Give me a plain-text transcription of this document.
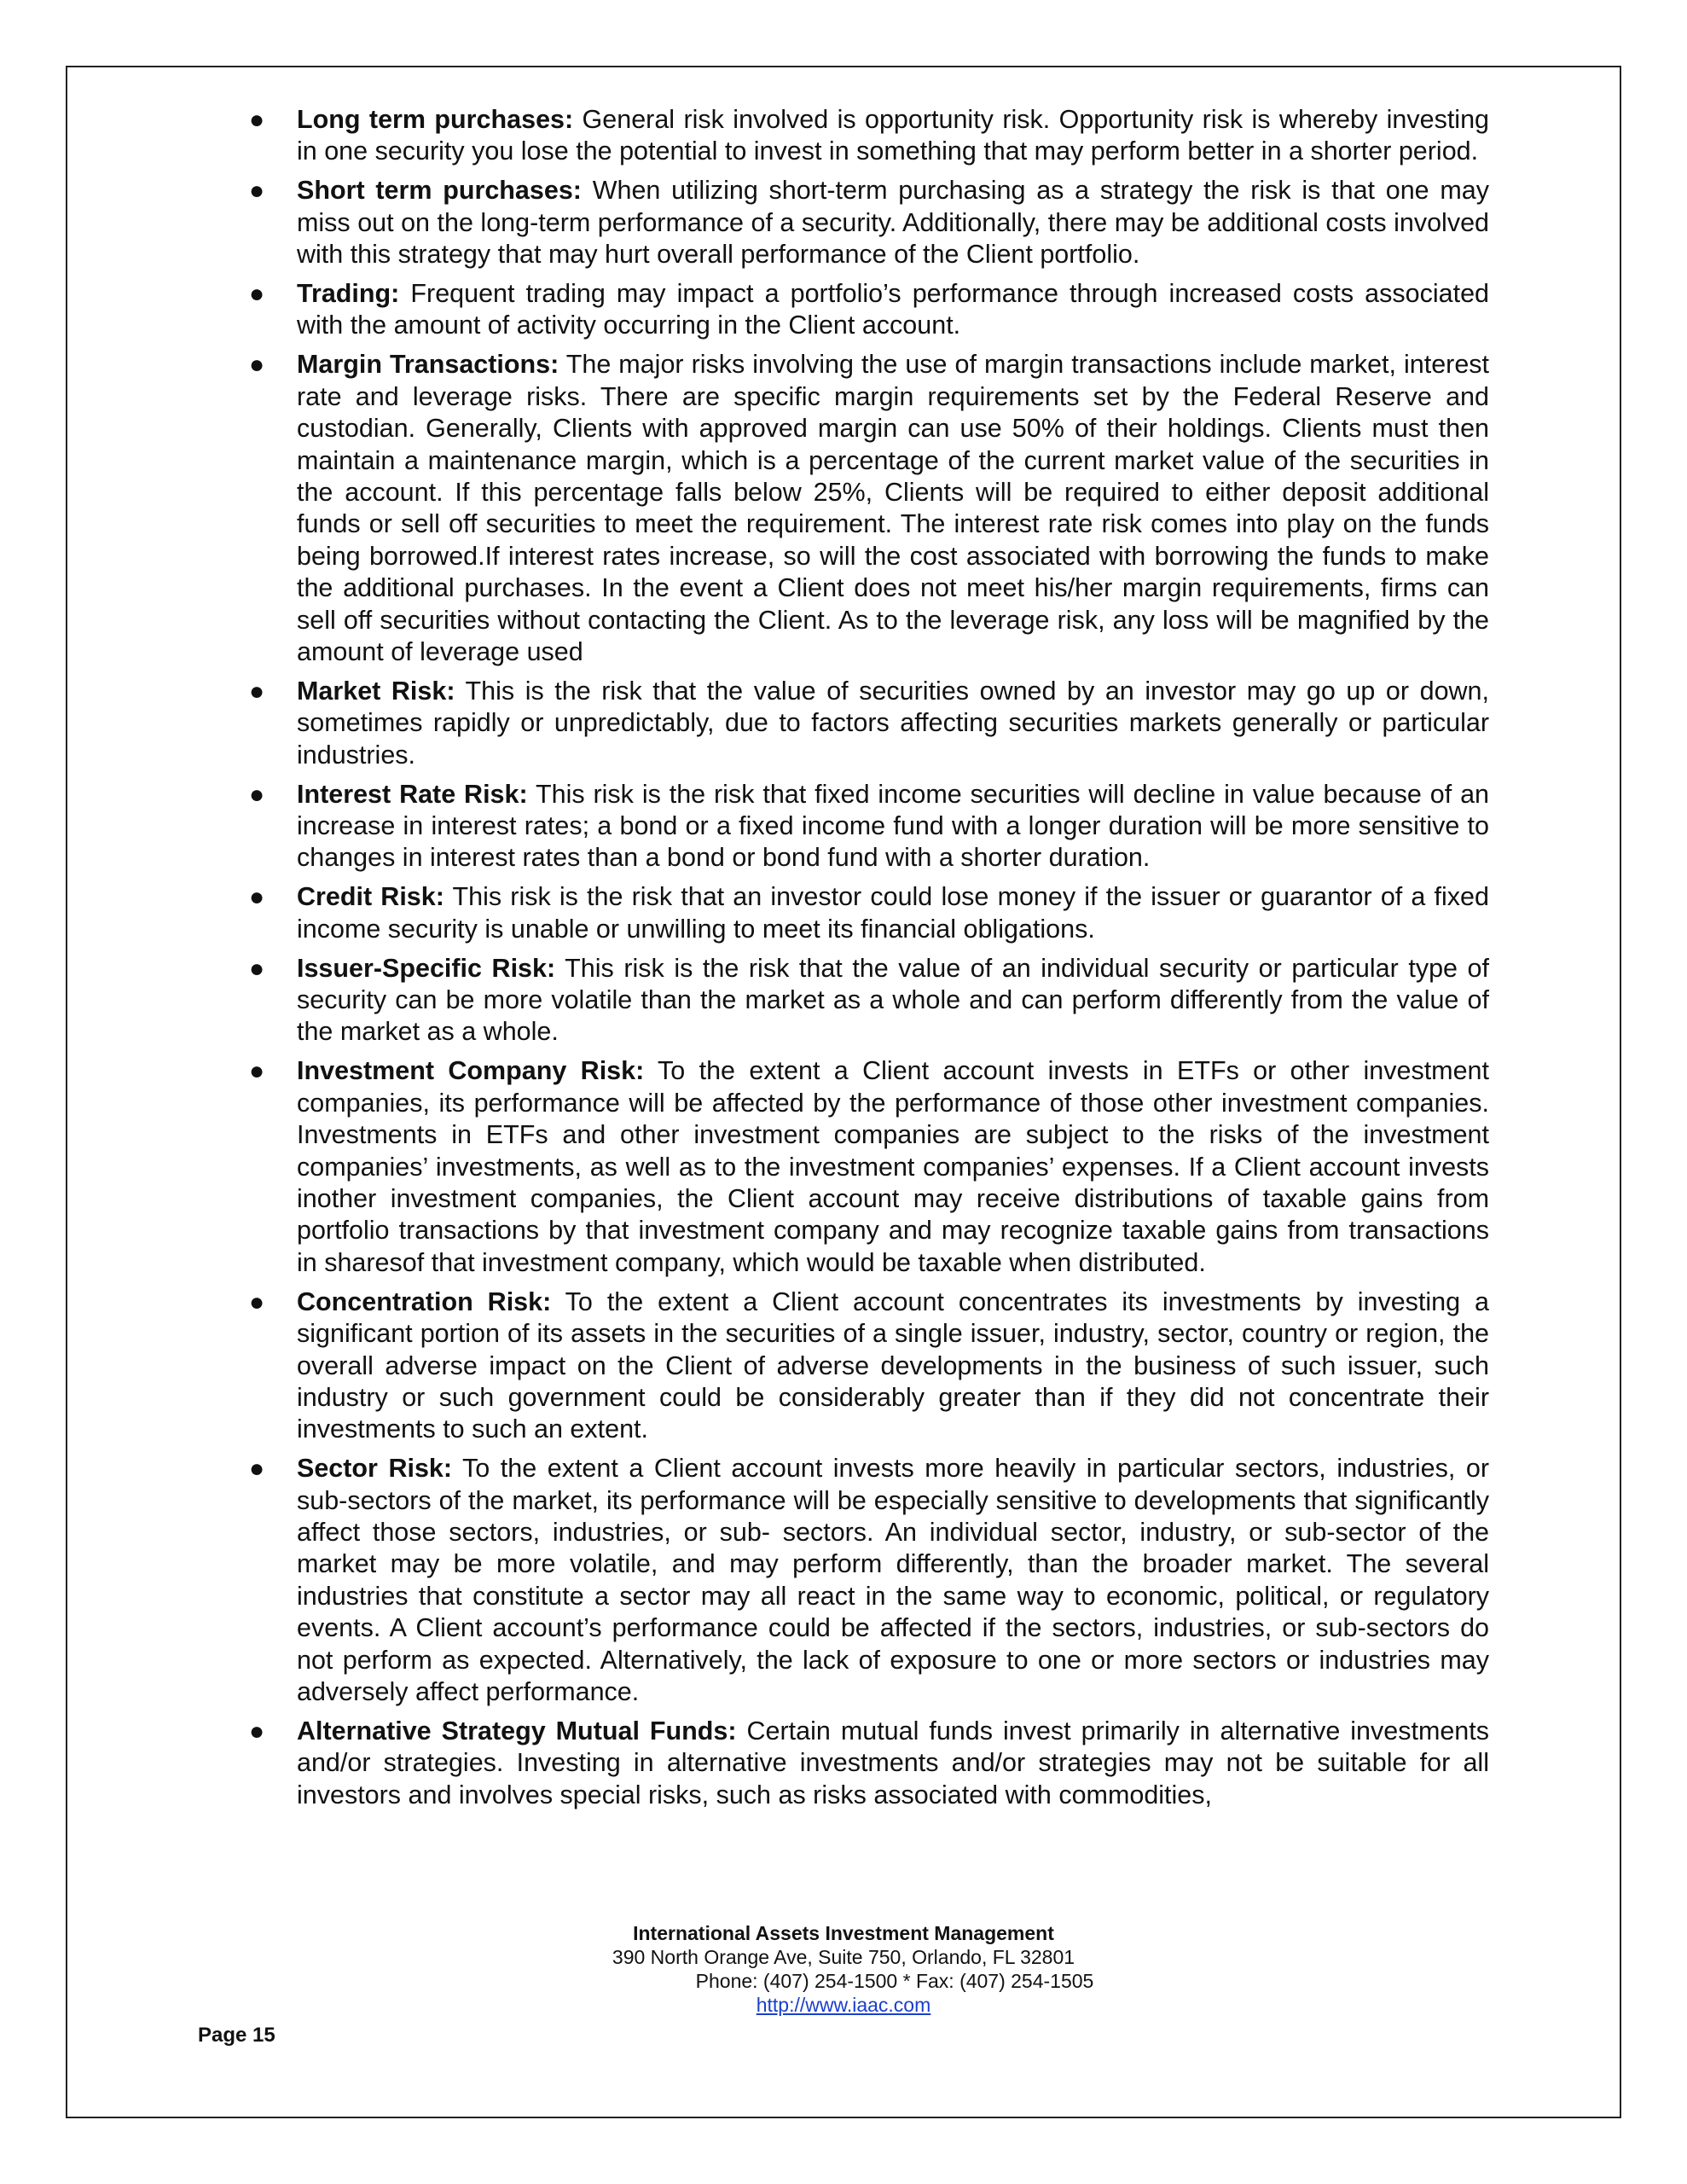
● Long term purchases: General risk involved is opportunity risk. Opportunity risk is whereby investing in one security you lose the potential to invest in something that may perform better in a shorter period.
● Short term purchases: When utilizing short-term purchasing as a strategy the risk is that one may miss out on the long-term performance of a security. Additionally, there may be additional costs involved with this strategy that may hurt overall performance of the Client portfolio.
● Trading: Frequent trading may impact a portfolio’s performance through increased costs associated with the amount of activity occurring in the Client account.
● Margin Transactions: The major risks involving the use of margin transactions include market, interest rate and leverage risks. There are specific margin requirements set by the Federal Reserve and custodian. Generally, Clients with approved margin can use 50% of their holdings. Clients must then maintain a maintenance margin, which is a percentage of the current market value of the securities in the account. If this percentage falls below 25%, Clients will be required to either deposit additional funds or sell off securities to meet the requirement. The interest rate risk comes into play on the funds being borrowed.If interest rates increase, so will the cost associated with borrowing the funds to make the additional purchases. In the event a Client does not meet his/her margin requirements, firms can sell off securities without contacting the Client. As to the leverage risk, any loss will be magnified by the amount of leverage used
● Market Risk: This is the risk that the value of securities owned by an investor may go up or down, sometimes rapidly or unpredictably, due to factors affecting securities markets generally or particular industries.
● Interest Rate Risk: This risk is the risk that fixed income securities will decline in value because of an increase in interest rates; a bond or a fixed income fund with a longer duration will be more sensitive to changes in interest rates than a bond or bond fund with a shorter duration.
● Credit Risk: This risk is the risk that an investor could lose money if the issuer or guarantor of a fixed income security is unable or unwilling to meet its financial obligations.
● Issuer-Specific Risk: This risk is the risk that the value of an individual security or particular type of security can be more volatile than the market as a whole and can perform differently from the value of the market as a whole.
● Investment Company Risk: To the extent a Client account invests in ETFs or other investment companies, its performance will be affected by the performance of those other investment companies. Investments in ETFs and other investment companies are subject to the risks of the investment companies’ investments, as well as to the investment companies’ expenses. If a Client account invests inother investment companies, the Client account may receive distributions of taxable gains from portfolio transactions by that investment company and may recognize taxable gains from transactions in sharesof that investment company, which would be taxable when distributed.
● Concentration Risk: To the extent a Client account concentrates its investments by investing a significant portion of its assets in the securities of a single issuer, industry, sector, country or region, the overall adverse impact on the Client of adverse developments in the business of such issuer, such industry or such government could be considerably greater than if they did not concentrate their investments to such an extent.
● Sector Risk: To the extent a Client account invests more heavily in particular sectors, industries, or sub-sectors of the market, its performance will be especially sensitive to developments that significantly affect those sectors, industries, or sub- sectors. An individual sector, industry, or sub-sector of the market may be more volatile, and may perform differently, than the broader market. The several industries that constitute a sector may all react in the same way to economic, political, or regulatory events. A Client account’s performance could be affected if the sectors, industries, or sub-sectors do not perform as expected. Alternatively, the lack of exposure to one or more sectors or industries may adversely affect performance.
● Alternative Strategy Mutual Funds: Certain mutual funds invest primarily in alternative investments and/or strategies. Investing in alternative investments and/or strategies may not be suitable for all investors and involves special risks, such as risks associated with commodities,
International Assets Investment Management
390 North Orange Ave, Suite 750, Orlando, FL 32801
Phone: (407) 254-1500 * Fax: (407) 254-1505
http://www.iaac.com
Page 15
